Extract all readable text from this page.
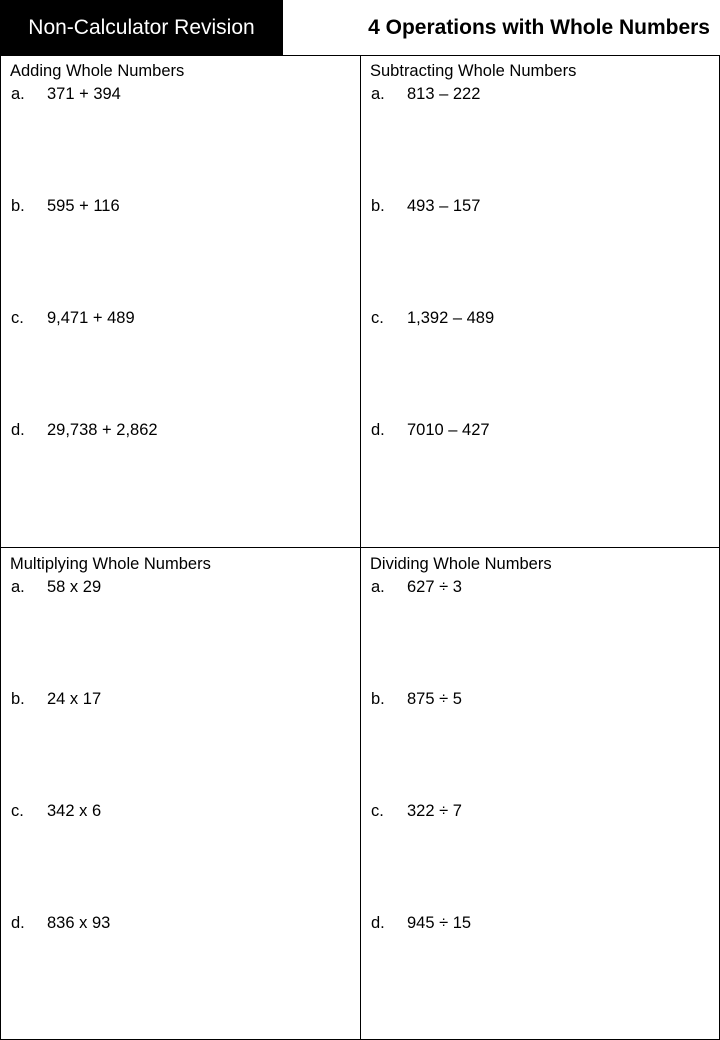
Non-Calculator Revision	4 Operations with Whole Numbers
Adding Whole Numbers
a. 371 + 394
b. 595 + 116
c. 9,471 + 489
d. 29,738 + 2,862
Subtracting Whole Numbers
a. 813 – 222
b. 493 – 157
c. 1,392 – 489
d. 7010 – 427
Multiplying Whole Numbers
a. 58 x 29
b. 24 x 17
c. 342 x 6
d. 836 x 93
Dividing Whole Numbers
a. 627 ÷ 3
b. 875 ÷ 5
c. 322 ÷ 7
d. 945 ÷ 15
